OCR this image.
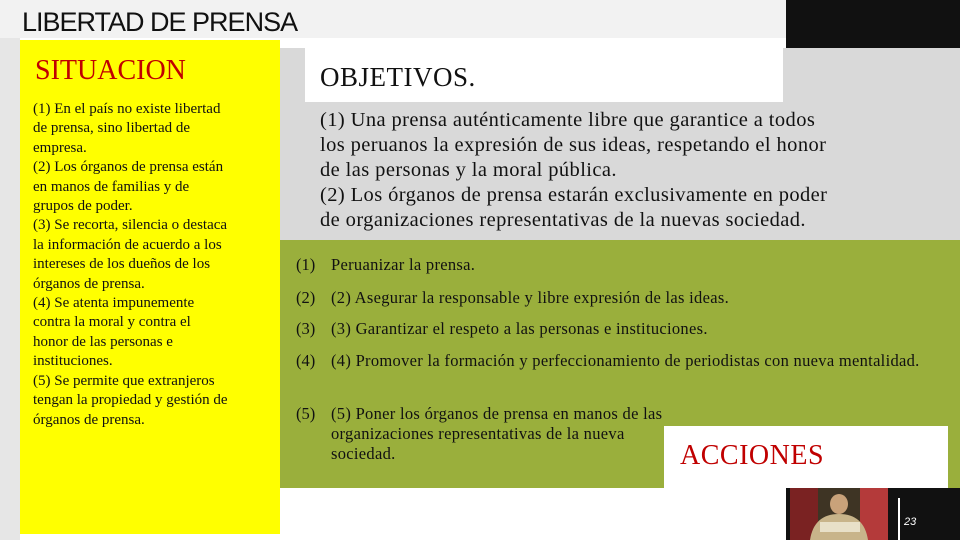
LIBERTAD DE PRENSA
SITUACION
(1) En el país no existe libertad
de prensa, sino libertad de
empresa.
(2) Los órganos de prensa están
en manos de familias y de
grupos de poder.
(3) Se recorta, silencia o destaca
la información de acuerdo a los
intereses de los dueños de los
órganos de prensa.
(4) Se atenta impunemente
contra la moral y contra el
honor de las personas e
instituciones.
(5) Se permite que extranjeros
tengan la propiedad y gestión de
órganos de prensa.
OBJETIVOS.
(1) Una prensa auténticamente libre que garantice a todos
los peruanos la expresión de sus ideas, respetando el honor
de las personas y la moral pública.
(2) Los órganos de prensa estarán exclusivamente en poder
de organizaciones representativas de la nuevas sociedad.
(1) Peruanizar la prensa.
(2) (2) Asegurar la responsable y libre expresión de las ideas.
(3) (3) Garantizar el respeto a las personas e instituciones.
(4) (4) Promover la formación y perfeccionamiento de periodistas con nueva mentalidad.
(5) (5) Poner los órganos de prensa en manos de las organizaciones representativas de la nueva sociedad.	ACCIONES
23
